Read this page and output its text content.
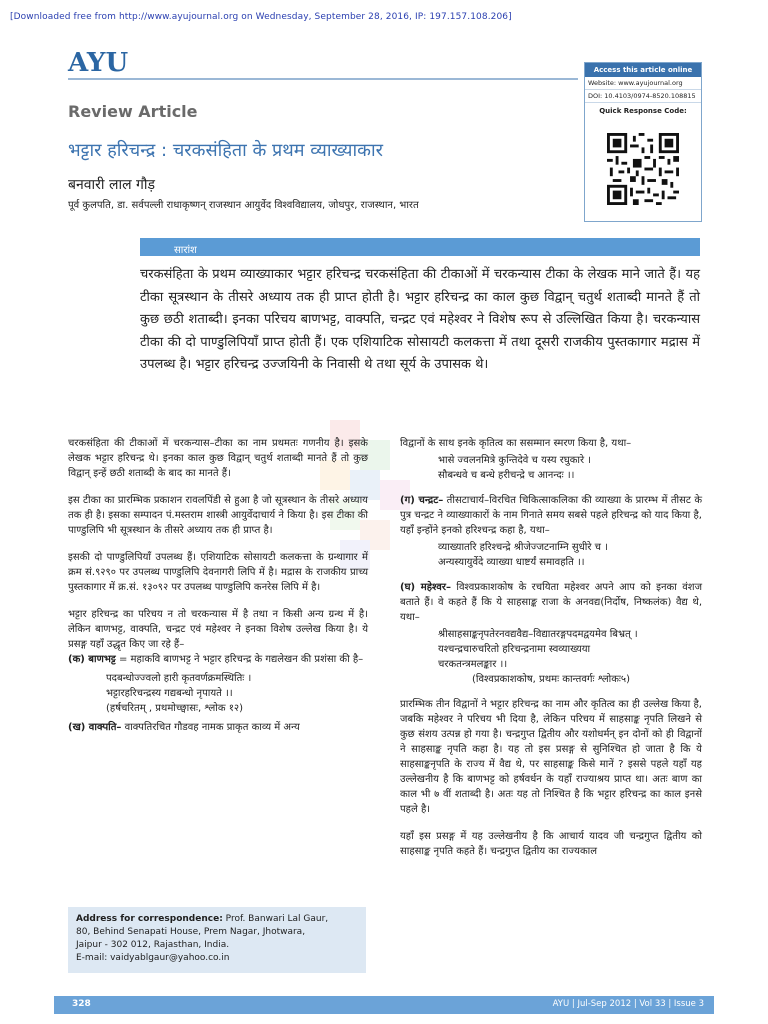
[Downloaded free from http://www.ayujournal.org on Wednesday, September 28, 2016, IP: 197.157.108.206]
AYU
Review Article
भट्टार हरिचन्द्र : चरकसंहिता के प्रथम व्याख्याकार
बनवारी लाल गौड़
पूर्व कुलपति, डा. सर्वपल्ली राधाकृष्णन् राजस्थान आयुर्वेद विश्वविद्यालय, जोधपुर, राजस्थान, भारत
Access this article online
Website: www.ayujournal.org
DOI: 10.4103/0974-8520.108815
Quick Response Code:
सारांश
चरकसंहिता के प्रथम व्याख्याकार भट्टार हरिचन्द्र चरकसंहिता की टीकाओं में चरकन्यास टीका के लेखक माने जाते हैं। यह टीका सूत्रस्थान के तीसरे अध्याय तक ही प्राप्त होती है। भट्टार हरिचन्द्र का काल कुछ विद्वान् चतुर्थ शताब्दी मानते हैं तो कुछ छठी शताब्दी। इनका परिचय बाणभट्ट, वाक्पति, चन्द्रट एवं महेश्वर ने विशेष रूप से उल्लिखित किया है। चरकन्यास टीका की दो पाण्डुलिपियाँ प्राप्त होती हैं। एक एशियाटिक सोसायटी कलकत्ता में तथा दूसरी राजकीय पुस्तकागार मद्रास में उपलब्ध है। भट्टार हरिचन्द्र उज्जयिनी के निवासी थे तथा सूर्य के उपासक थे।

चरकसंहिता की टीकाओं में चरकन्यास–टीका का नाम प्रथमतः गणनीय है। इसके लेखक भट्टार हरिचन्द्र थे। इनका काल कुछ विद्वान् चतुर्थ शताब्दी मानते हैं तो कुछ विद्वान् इन्हें छठी शताब्दी के बाद का मानते हैं।

इस टीका का प्रारम्भिक प्रकाशन रावलपिंडी से हुआ है जो सूत्रस्थान के तीसरे अध्याय तक ही है। इसका सम्पादन पं.मस्तराम शास्त्री आयुर्वेदाचार्य ने किया है। इस टीका की पाण्डुलिपि भी सूत्रस्थान के तीसरे अध्याय तक ही प्राप्त है।

इसकी दो पाण्डुलिपियाँ उपलब्ध हैं। एशियाटिक सोसायटी कलकत्ता के ग्रन्थागार में क्रम सं.९२९० पर उपलब्ध पाण्डुलिपि देवनागरी लिपि में है। मद्रास के राजकीय प्राच्य पुस्तकागार में क्र.सं. १३०९२ पर उपलब्ध पाण्डुलिपि कनरेस लिपि में है।

भट्टार हरिचन्द्र का परिचय न तो चरकन्यास में है तथा न किसी अन्य ग्रन्थ में है। लेकिन बाणभट्ट, वाक्पति, चन्द्रट एवं महेश्वर ने इनका विशेष उल्लेख किया है। ये प्रसङ्ग यहाँ उद्धृत किए जा रहे हैं–

(क) बाणभट्ट = महाकवि बाणभट्ट ने भट्टार हरिचन्द्र के गद्यलेखन की प्रशंसा की है–

पदबन्धोज्ज्वलो हारी कृतवर्णक्रमस्थितिः ।
भट्टारहरिचन्द्रस्य गद्यबन्धो नृपायते ।।
(हर्षचरितम् , प्रथमोच्छ्वासः, श्लोक १२)

(ख) वाक्पति– वाक्पतिरचित गौडवह नामक प्राकृत काव्य में अन्य

विद्वानों के साथ इनके कृतित्व का ससम्मान स्मरण किया है, यथा–

भासे ज्वलनमित्रे कुन्तिदेवे च यस्य रघुकारे ।
सौबन्धवे च बन्धे हरीचन्द्रे च आनन्दः ।।

(ग) चन्द्रट– तीसटाचार्य–विरचित चिकित्साकलिका की व्याख्या के प्रारम्भ में तीसट के पुत्र चन्द्रट ने व्याख्याकारों के नाम गिनाते समय सबसे पहले हरिचन्द्र को याद किया है, यहाँ इन्होंने इनको हरिश्चन्द्र कहा है, यथा–

व्याख्यातरि हरिश्चन्द्रे श्रीजेज्जटनाम्नि सुधीरे च ।
अन्यस्यायुर्वेदे व्याख्या धाष्टर्यं समावहति ।।

(घ) महेश्वर– विश्वप्रकाशकोष के रचयिता महेश्वर अपने आप को इनका वंशज बताते हैं। वे कहते हैं कि ये साहसाङ्क राजा के अनवद्य(निर्दोष, निष्कलंक) वैद्य थे, यथा–

श्रीसाहसाङ्कनृपतेरनवद्यवैद्य–विद्यातरङ्गपदमद्वयमेव बिभ्रत् ।
यश्चन्द्रचारुचरितो हरिचन्द्रनामा स्वव्याख्यया
चरकतन्त्रमलङ्कार ।।
(विश्वप्रकाशकोष, प्रथमः कान्तवर्गः श्लोकः५)

प्रारम्भिक तीन विद्वानों ने भट्टार हरिचन्द्र का नाम और कृतित्व का ही उल्लेख किया है, जबकि महेश्वर ने परिचय भी दिया है, लेकिन परिचय में साहसाङ्क नृपति लिखने से कुछ संशय उत्पन्न हो गया है। चन्द्रगुप्त द्वितीय और यशोधर्मन् इन दोनों को ही विद्वानों ने साहसाङ्क नृपति कहा है। यह तो इस प्रसङ्ग से सुनिश्चित हो जाता है कि ये साहसाङ्कनृपति के राज्य में वैद्य थे, पर साहसाङ्क किसे मानें ? इससे पहले यहाँ यह उल्लेखनीय है कि बाणभट्ट को हर्षवर्धन के यहाँ राज्याश्रय प्राप्त था। अतः बाण का काल भी ७ वीं शताब्दी है। अतः यह तो निश्चित है कि भट्टार हरिचन्द्र का काल इनसे पहले है।

यहाँ इस प्रसङ्ग में यह उल्लेखनीय है कि आचार्य यादव जी चन्द्रगुप्त द्वितीय को साहसाङ्क नृपति कहते हैं। चन्द्रगुप्त द्वितीय का राज्यकाल

Address for correspondence: Prof. Banwari Lal Gaur,
80, Behind Senapati House, Prem Nagar, Jhotwara,
Jaipur - 302 012, Rajasthan, India.
E-mail: vaidyablgaur@yahoo.co.in
328	AYU | Jul-Sep 2012 | Vol 33 | Issue 3
